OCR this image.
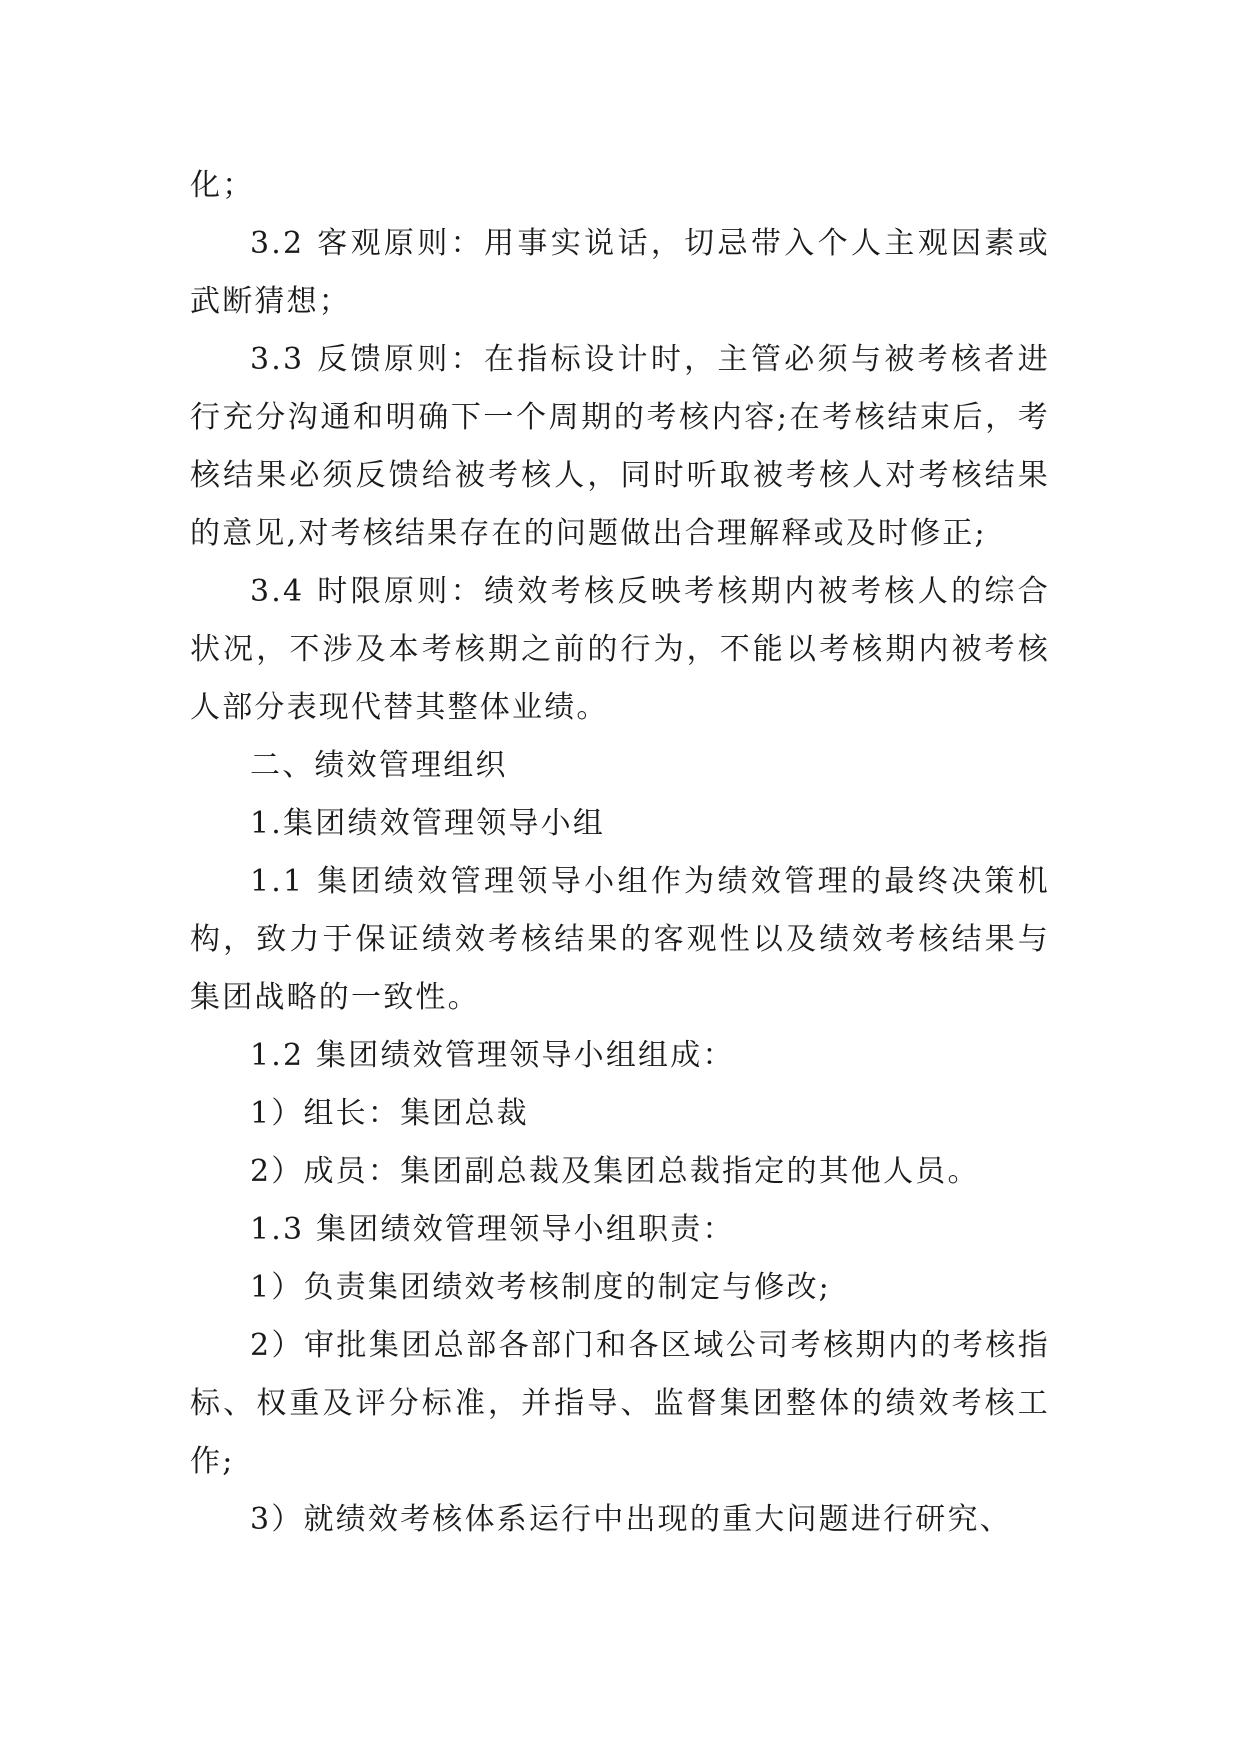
化；

3.2 客观原则：用事实说话，切忌带入个人主观因素或武断猜想；

3.3 反馈原则：在指标设计时，主管必须与被考核者进行充分沟通和明确下一个周期的考核内容;在考核结束后，考核结果必须反馈给被考核人，同时听取被考核人对考核结果的意见,对考核结果存在的问题做出合理解释或及时修正;

3.4 时限原则：绩效考核反映考核期内被考核人的综合状况，不涉及本考核期之前的行为，不能以考核期内被考核人部分表现代替其整体业绩。

二、绩效管理组织

1.集团绩效管理领导小组

1.1 集团绩效管理领导小组作为绩效管理的最终决策机构，致力于保证绩效考核结果的客观性以及绩效考核结果与集团战略的一致性。

1.2 集团绩效管理领导小组组成：

1）组长：集团总裁

2）成员：集团副总裁及集团总裁指定的其他人员。

1.3 集团绩效管理领导小组职责：

1）负责集团绩效考核制度的制定与修改;

2）审批集团总部各部门和各区域公司考核期内的考核指标、权重及评分标准，并指导、监督集团整体的绩效考核工作;

3）就绩效考核体系运行中出现的重大问题进行研究、
